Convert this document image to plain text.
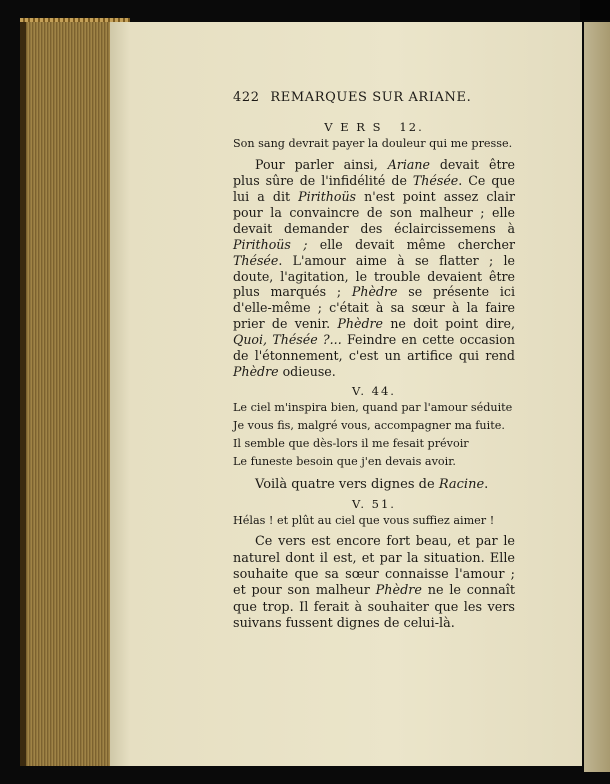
422 REMARQUES SUR ARIANE.

V E R S   12.

Son sang devrait payer la douleur qui me presse.

Pour parler ainsi, Ariane devait être plus sûre de l'infidélité de Thésée. Ce que lui a dit Pirithoüs n'est point assez clair pour la convaincre de son malheur ; elle devait demander des éclaircissemens à Pirithoüs ; elle devait même chercher Thésée. L'amour aime à se flatter ; le doute, l'agitation, le trouble devaient être plus marqués ; Phèdre se présente ici d'elle-même ; c'était à sa sœur à la faire prier de venir. Phèdre ne doit point dire, Quoi, Thésée ?... Feindre en cette occasion de l'étonnement, c'est un artifice qui rend Phèdre odieuse.

V. 44.

Le ciel m'inspira bien, quand par l'amour séduite

Je vous fis, malgré vous, accompagner ma fuite.

Il semble que dès-lors il me fesait prévoir

Le funeste besoin que j'en devais avoir.

Voilà quatre vers dignes de Racine.

V. 51.

Hélas ! et plût au ciel que vous suffiez aimer !

Ce vers est encore fort beau, et par le naturel dont il est, et par la situation. Elle souhaite que sa sœur connaisse l'amour ; et pour son malheur Phèdre ne le connaît que trop. Il ferait à souhaiter que les vers suivans fussent dignes de celui-là.
